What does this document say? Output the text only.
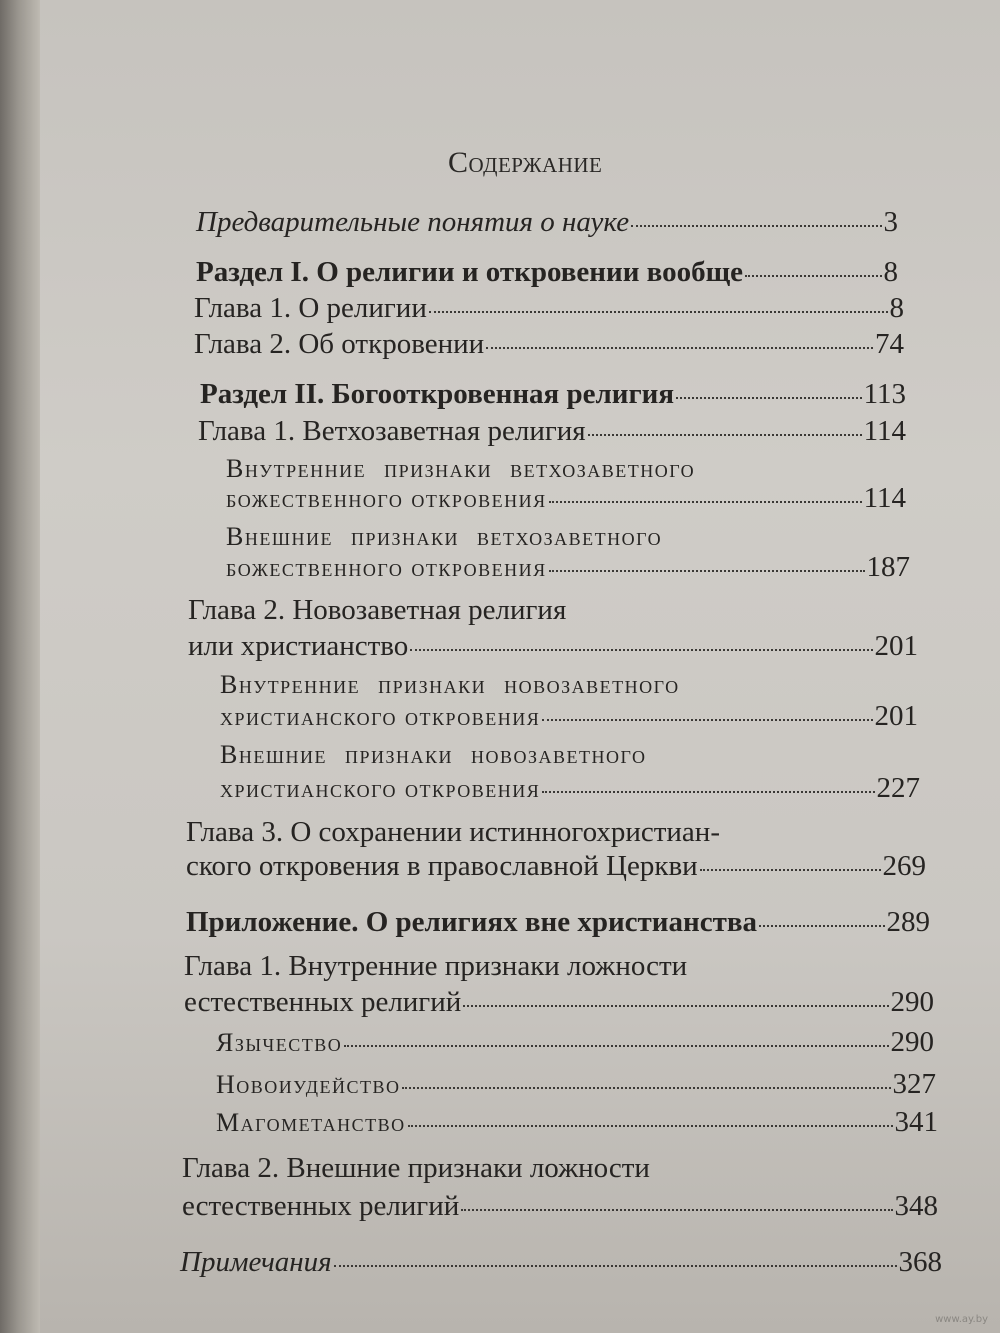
Содержание
Предварительные понятия о науке	3
Раздел I. О религии и откровении вообще	8
Глава 1. О религии	8
Глава 2. Об откровении	74
Раздел II. Богооткровенная религия	113
Глава 1. Ветхозаветная религия	114
Внутренние признаки ветхозаветного
божественного откровения	114
Внешние признаки ветхозаветного
божественного откровения	187
Глава 2. Новозаветная религия
или христианство	201
Внутренние признаки новозаветного
христианского откровения	201
Внешние признаки новозаветного
христианского откровения	227
Глава 3. О сохранении истинногохристиан-
ского откровения в православной Церкви	269
Приложение. О религиях вне христианства	289
Глава 1. Внутренние признаки ложности
естественных религий	290
Язычество	290
Новоиудейство	327
Магометанство	341
Глава 2. Внешние признаки ложности
естественных религий	348
Примечания	368
www.ay.by
